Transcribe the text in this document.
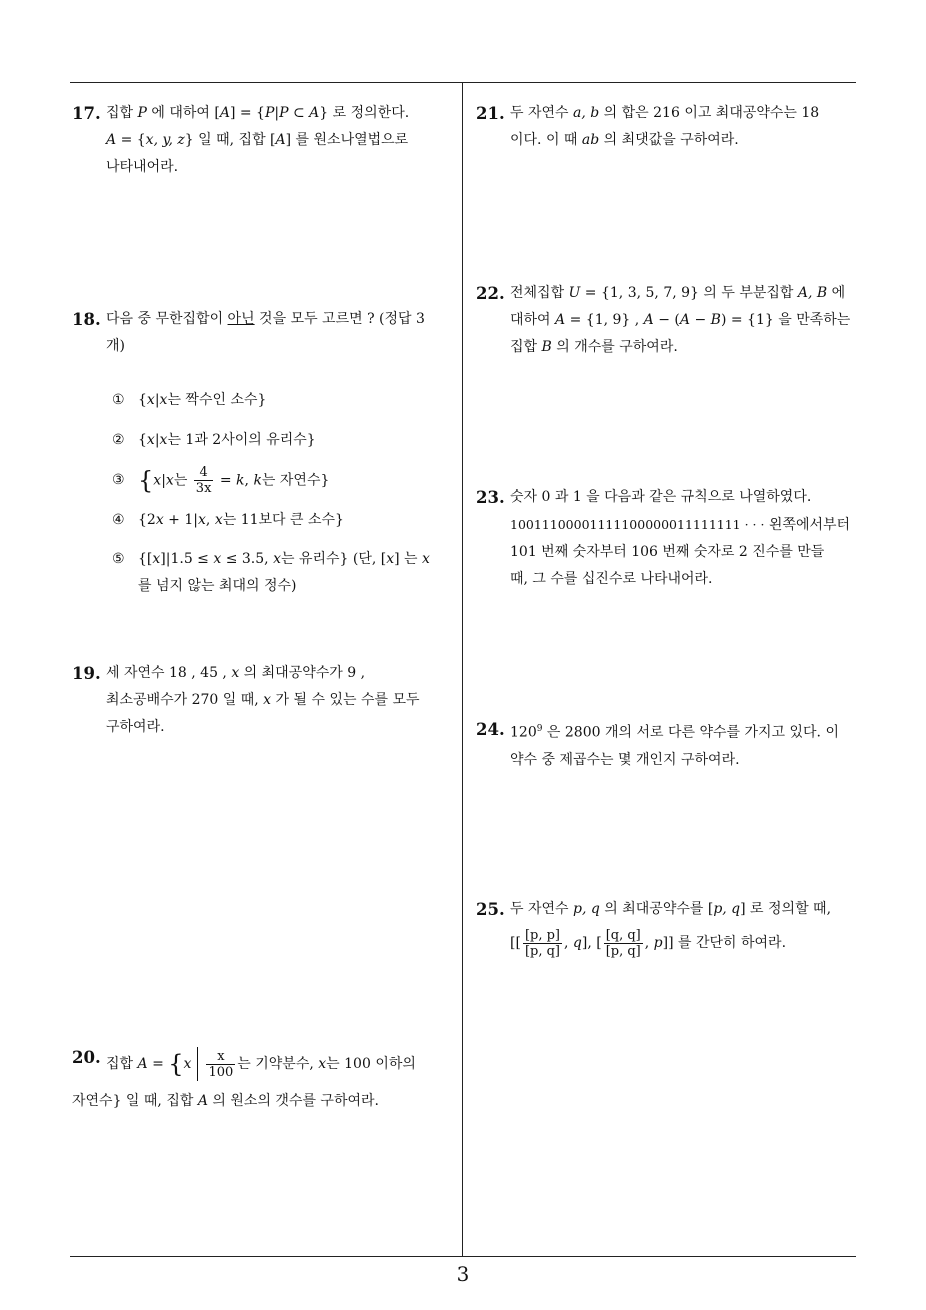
17. 집합 P 에 대하여 [A] = {P|P ⊂ A} 로 정의한다.

A = {x, y, z} 일 때, 집합 [A] 를 원소나열법으로

나타내어라.

18. 다음 중 무한집합이 아닌 것을 모두 고르면 ? (정답 3

개)

① {x|x는 짝수인 소수}
② {x|x는 1과 2사이의 유리수}
③ {x|x는 $\frac{4}{3x} = k$, k는 자연수}
④ {2x + 1|x, x는 11보다 큰 소수}
⑤ {[x]|1.5 ≤ x ≤ 3.5, x는 유리수} (단, [x] 는 x
를 넘지 않는 최대의 정수)
19. 세 자연수 18 , 45 , x 의 최대공약수가 9 ,

최소공배수가 270 일 때, x 가 될 수 있는 수를 모두

구하여라.

20. 집합 $A = \{x \frac{x}{100}$ 는 기약분수, x는 100 이하의

자연수} 일 때, 집합 A 의 원소의 갯수를 구하여라.

21. 두 자연수 a, b 의 합은 216 이고 최대공약수는 18

이다. 이 때 ab 의 최댓값을 구하여라.

22. 전체집합 U = {1, 3, 5, 7, 9} 의 두 부분집합 A, B 에

대하여 A = {1, 9} , A − (A − B) = {1} 을 만족하는

집합 B 의 개수를 구하여라.

23. 숫자 0 과 1 을 다음과 같은 규칙으로 나열하였다.

10011100001111100000011111111 · · · 왼쪽에서부터

101 번째 숫자부터 106 번째 숫자로 2 진수를 만들

때, 그 수를 십진수로 나타내어라.

24. $120^9$ 은 2800 개의 서로 다른 약수를 가지고 있다. 이

약수 중 제곱수는 몇 개인지 구하여라.

25. 두 자연수 p, q 의 최대공약수를 [p, q] 로 정의할 때,

[[ $\frac{[p, p]}{[p, q]}$ , q], [ $\frac{[q, q]}{[p, q]}$ , p]] 를 간단히 하여라.

3
